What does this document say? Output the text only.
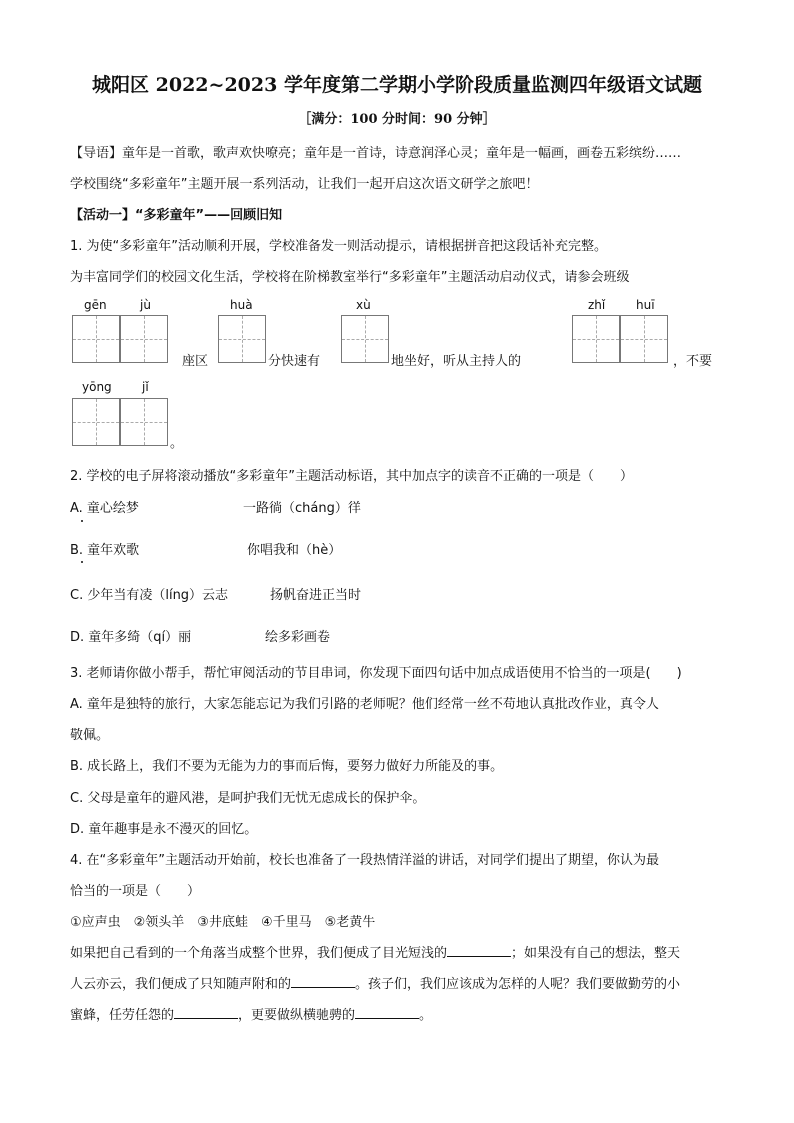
城阳区 2022~2023 学年度第二学期小学阶段质量监测四年级语文试题
［满分：100 分时间：90 分钟］
【导语】童年是一首歌，歌声欢快嘹亮；童年是一首诗，诗意润泽心灵；童年是一幅画，画卷五彩缤纷……
学校围绕“多彩童年”主题开展一系列活动，让我们一起开启这次语文研学之旅吧！
【活动一】“多彩童年”——回顾旧知
1. 为使“多彩童年”活动顺利开展，学校准备发一则活动提示，请根据拼音把这段话补充完整。
为丰富同学们的校园文化生活，学校将在阶梯教室举行“多彩童年”主题活动启动仪式，请参会班级
gēn	jù	huà	xù	zhǐ	huī
座区	分快速有	地坐好，听从主持人的	，不要
yōng	jǐ
。
2. 学校的电子屏将滚动播放“多彩童年”主题活动标语，其中加点字的读音不正确的一项是（　　）
A. 童心绘梦	一路徜（cháng）徉
B. 童年欢歌	你唱我和（hè）
C. 少年当有凌（líng）云志	扬帆奋进正当时
D. 童年多绮（qí）丽	绘多彩画卷
3. 老师请你做小帮手，帮忙审阅活动的节目串词，你发现下面四句话中加点成语使用不恰当的一项是(　　)
A. 童年是独特的旅行，大家怎能忘记为我们引路的老师呢？他们经常一丝不苟地认真批改作业，真令人
敬佩。
B. 成长路上，我们不要为无能为力的事而后悔，要努力做好力所能及的事。
C. 父母是童年的避风港，是呵护我们无忧无虑成长的保护伞。
D. 童年趣事是永不漫灭的回忆。
4. 在“多彩童年”主题活动开始前，校长也准备了一段热情洋溢的讲话，对同学们提出了期望，你认为最
恰当的一项是（　　）
①应声虫　②领头羊　③井底蛙　④千里马　⑤老黄牛
如果把自己看到的一个角落当成整个世界，我们便成了目光短浅的	；如果没有自己的想法，整天
人云亦云，我们便成了只知随声附和的	。孩子们，我们应该成为怎样的人呢？我们要做勤劳的小
蜜蜂，任劳任怨的	，更要做纵横驰骋的	。
